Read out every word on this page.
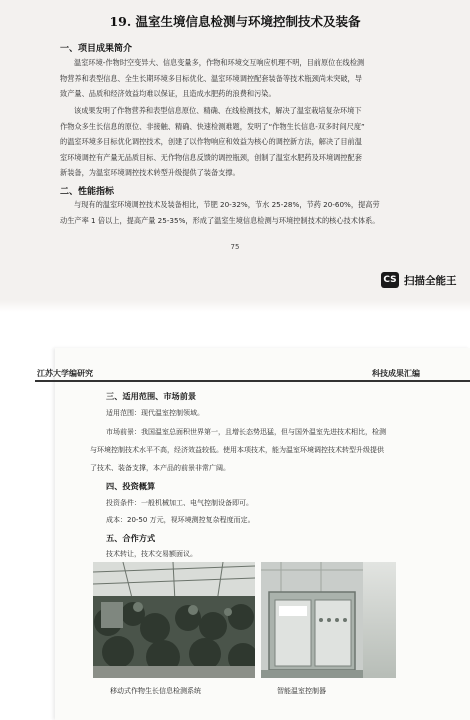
19. 温室生境信息检测与环境控制技术及装备
一、项目成果简介
温室环境-作物时空变异大、信息变量多，作物和环境交互响应机理不明，目前原位在线检测
物营养和表型信息、全生长期环境多目标优化、温室环境调控配套装备等技术瓶颈尚未突破，导
致产量、品质和经济效益均难以保证，且造成水肥药的浪费和污染。
该成果发明了作物营养和表型信息原位、精确、在线检测技术，解决了温室栽培复杂环境下
作物众多生长信息的原位、非接触、精确、快速检测难题，发明了“作物生长信息-双多时间尺度”
的温室环境多目标优化调控技术，创建了以作物响应和效益为核心的调控新方法，解决了目前温
室环境调控有产量无品质目标、无作物信息反馈的调控瓶颈，创制了温室水肥药及环境调控配套
新装备，为温室环境调控技术转型升级提供了装备支撑。
二、性能指标
与现有的温室环境调控技术及装备相比，节肥 20-32%，节水 25-28%，节药 20-60%，提高劳
动生产率 1 倍以上，提高产量 25-35%，形成了温室生境信息检测与环境控制技术的核心技术体系。
75
CS 扫描全能王
江苏大学编研究	科技成果汇编
三、适用范围、市场前景
适用范围：现代温室控制领域。
市场前景：我国温室总面积世界第一，且增长态势迅猛，但与国外温室先进技术相比，检测
与环境控制技术水平不高，经济效益较低。使用本项技术，能为温室环境调控技术转型升级提供
了技术、装备支撑，本产品的前景非常广阔。
四、投资概算
投资条件：一般机械加工、电气控制设备即可。
成本：20-50 万元，视环境测控复杂程度而定。
五、合作方式
技术转让，技术交易额面议。
移动式作物生长信息检测系统	智能温室控制器
